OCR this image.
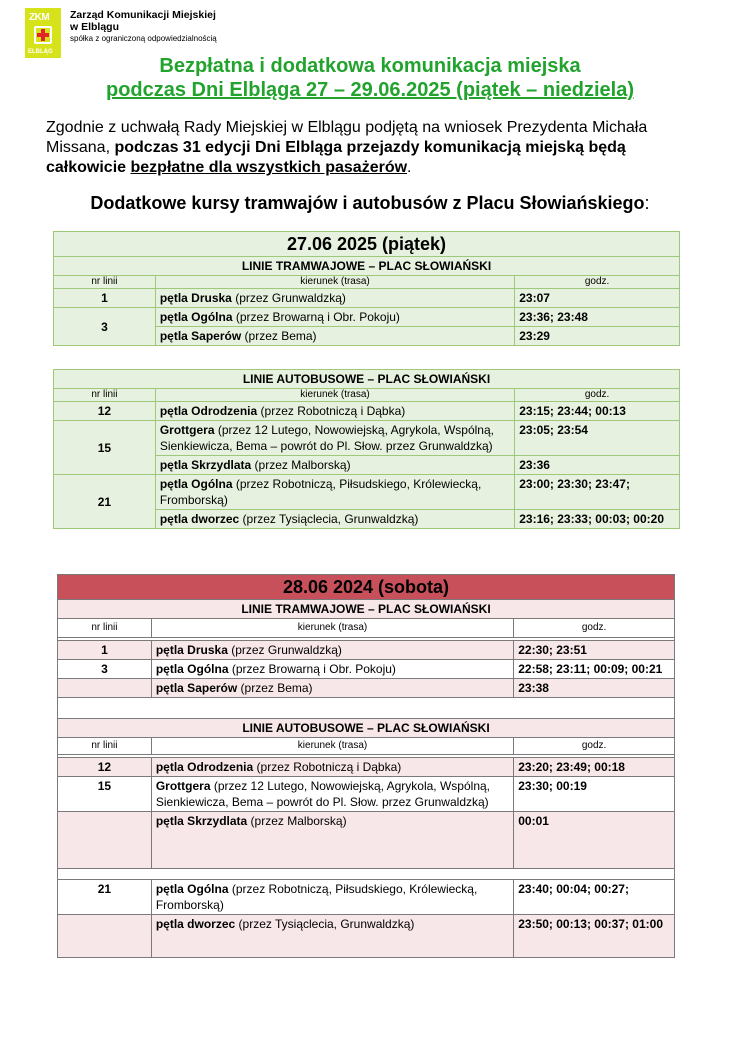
ZKM
ELBLĄG
Zarząd Komunikacji Miejskiej
w Elblągu
spółka z ograniczoną odpowiedzialnością
Bezpłatna i dodatkowa komunikacja miejska
podczas Dni Elbląga 27 – 29.06.2025 (piątek – niedziela)
Zgodnie z uchwałą Rady Miejskiej w Elblągu podjętą na wniosek Prezydenta Michała Missana, podczas 31 edycji Dni Elbląga przejazdy komunikacją miejską będą całkowicie bezpłatne dla wszystkich pasażerów.
Dodatkowe kursy tramwajów i autobusów z Placu Słowiańskiego:
27.06 2025 (piątek)		
LINIE TRAMWAJOWE – PLAC SŁOWIAŃSKI		
nr linii	kierunek (trasa)	godz.
1	pętla Druska (przez Grunwaldzką)	23:07
3	pętla Ogólna (przez Browarną i Obr. Pokoju)	23:36; 23:48
	pętla Saperów (przez Bema)	23:29
LINIE AUTOBUSOWE – PLAC SŁOWIAŃSKI		
nr linii	kierunek (trasa)	godz.
12	pętla Odrodzenia (przez Robotniczą i Dąbka)	23:15; 23:44; 00:13
15	Grottgera (przez 12 Lutego, Nowowiejską, Agrykola, Wspólną, Sienkiewicza, Bema – powrót do Pl. Słow. przez Grunwaldzką)	23:05; 23:54
	pętla Skrzydlata (przez Malborską)	23:36
21	pętla Ogólna (przez Robotniczą, Piłsudskiego, Królewiecką, Fromborską)	23:00; 23:30; 23:47;
	pętla dworzec (przez Tysiąclecia, Grunwaldzką)	23:16; 23:33; 00:03; 00:20
28.06 2024 (sobota)		
LINIE TRAMWAJOWE – PLAC SŁOWIAŃSKI		
nr linii	kierunek (trasa)	godz.

1	pętla Druska (przez Grunwaldzką)	22:30; 23:51
3	pętla Ogólna (przez Browarną i Obr. Pokoju)	22:58; 23:11; 00:09; 00:21
	pętla Saperów (przez Bema)	23:38

LINIE AUTOBUSOWE – PLAC SŁOWIAŃSKI		
nr linii	kierunek (trasa)	godz.

12	pętla Odrodzenia (przez Robotniczą i Dąbka)	23:20; 23:49; 00:18
15	Grottgera (przez 12 Lutego, Nowowiejską, Agrykola, Wspólną, Sienkiewicza, Bema – powrót do Pl. Słow. przez Grunwaldzką)	23:30; 00:19
	pętla Skrzydlata (przez Malborską)	00:01

21	pętla Ogólna (przez Robotniczą, Piłsudskiego, Królewiecką, Fromborską)	23:40; 00:04; 00:27;
	pętla dworzec (przez Tysiąclecia, Grunwaldzką)	23:50; 00:13; 00:37; 01:00
